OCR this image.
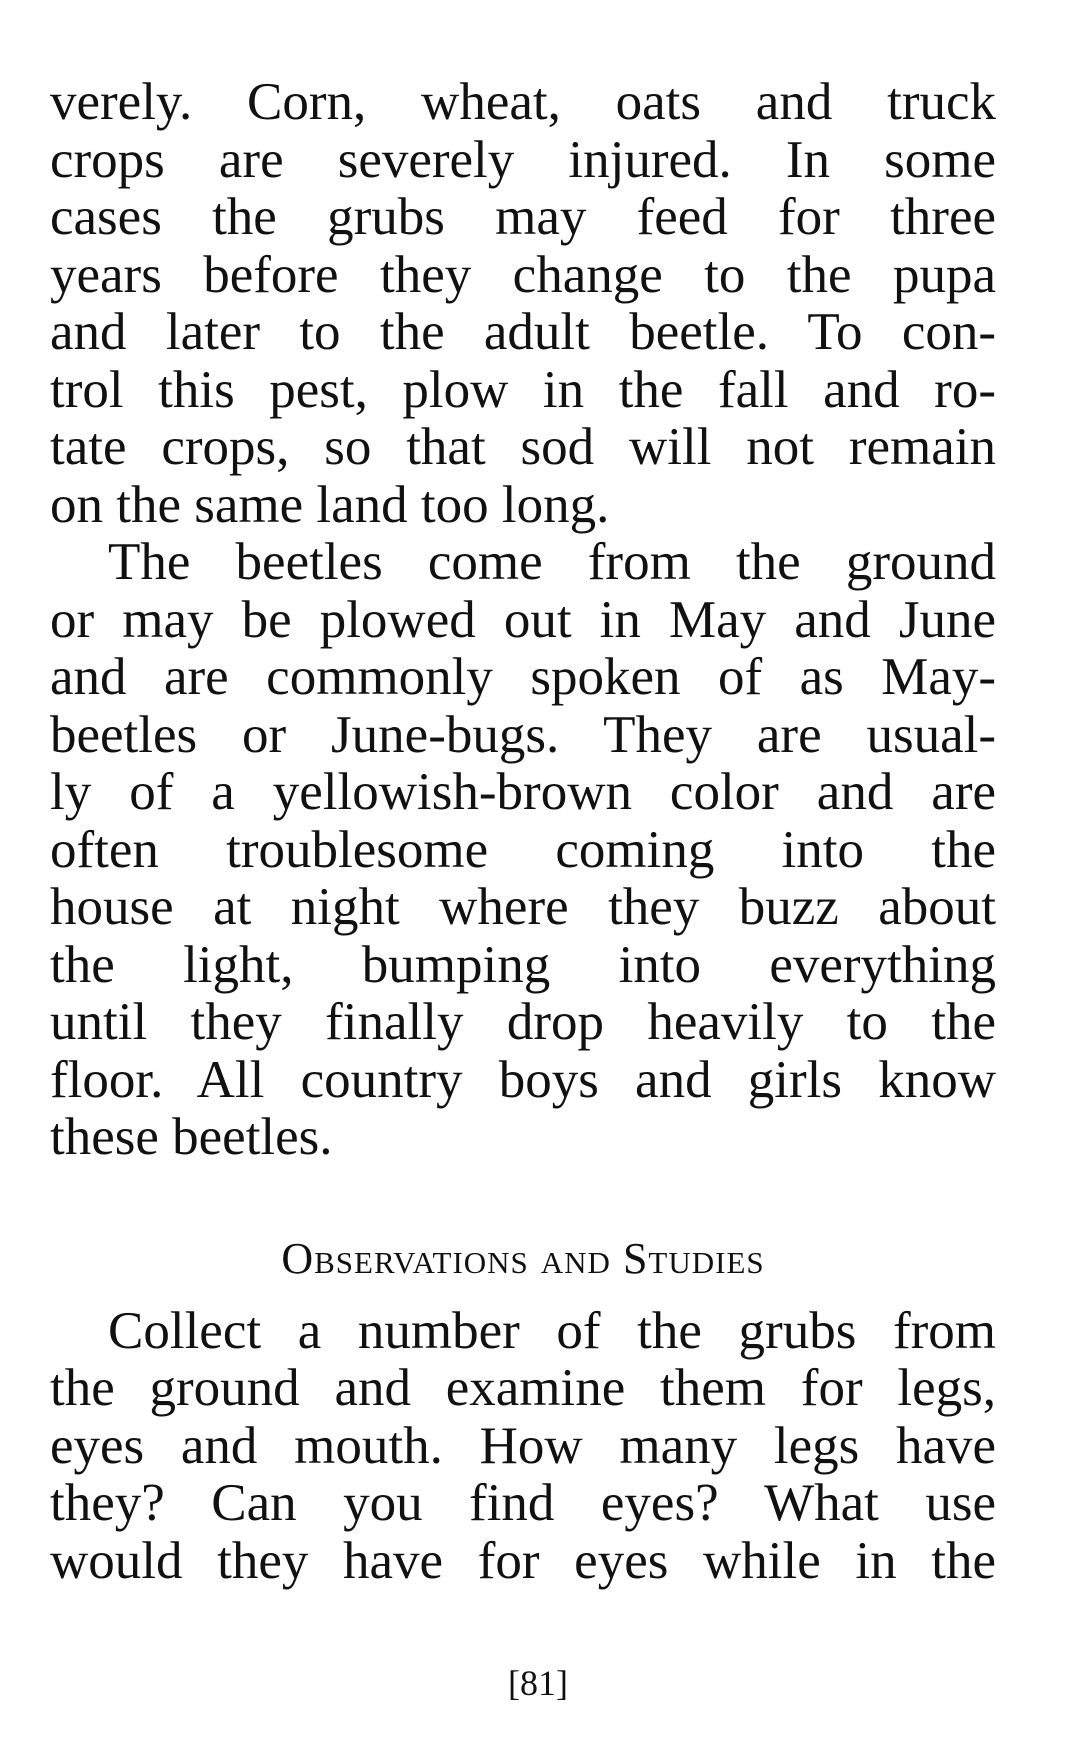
verely. Corn, wheat, oats and truck
crops are severely injured. In some
cases the grubs may feed for three
years before they change to the pupa
and later to the adult beetle. To con-
trol this pest, plow in the fall and ro-
tate crops, so that sod will not remain
on the same land too long.
The beetles come from the ground
or may be plowed out in May and June
and are commonly spoken of as May-
beetles or June-bugs. They are usual-
ly of a yellowish-brown color and are
often troublesome coming into the
house at night where they buzz about
the light, bumping into everything
until they finally drop heavily to the
floor. All country boys and girls know
these beetles.
Observations and Studies
Collect a number of the grubs from
the ground and examine them for legs,
eyes and mouth. How many legs have
they? Can you find eyes? What use
would they have for eyes while in the
[81]
